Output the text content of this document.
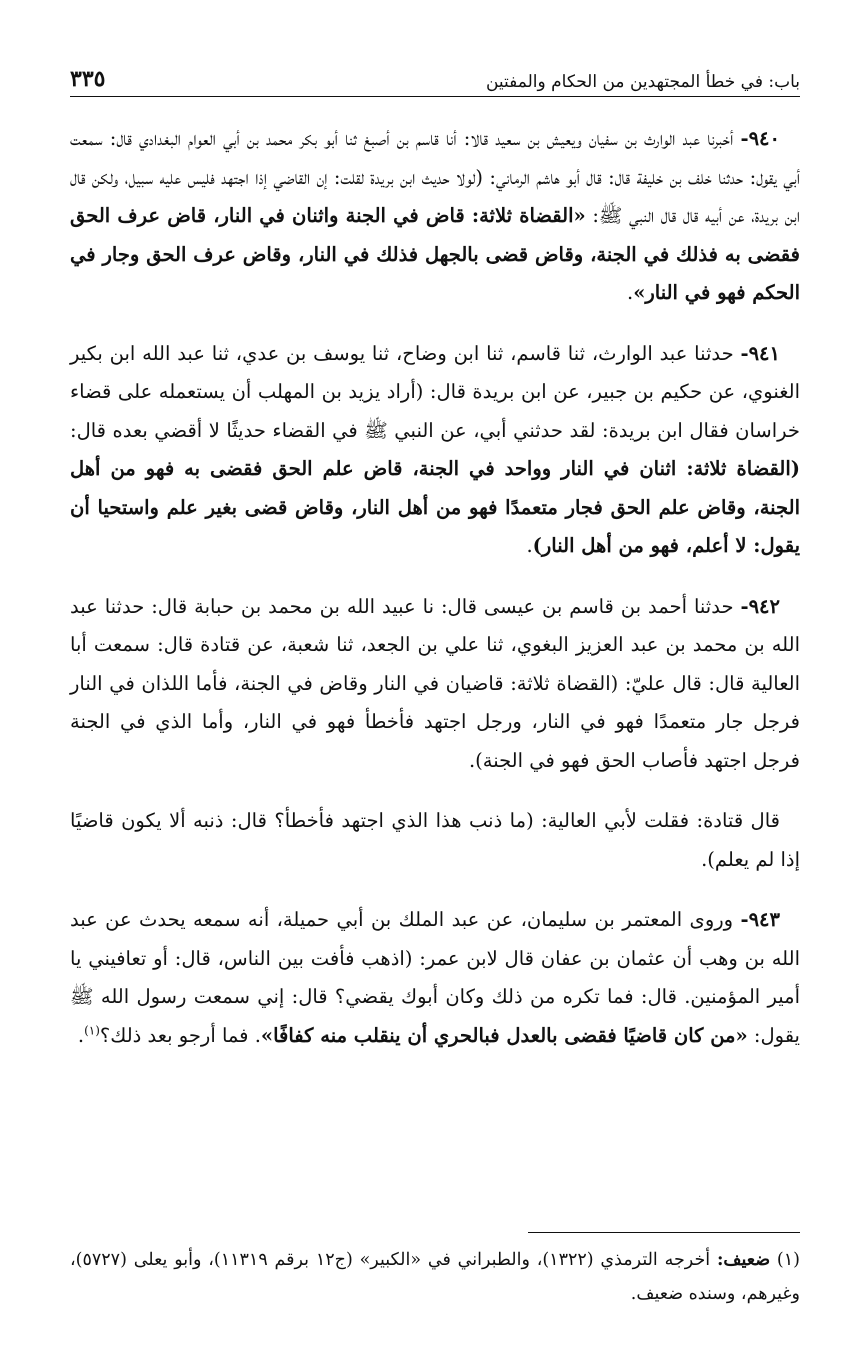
باب: في خطأ المجتهدين من الحكام والمفتين
٣٣٥

٩٤٠- أخبرنا عبد الوارث بن سفيان ويعيش بن سعيد قالا: أنا قاسم بن أصبغ ثنا أبو بكر محمد بن أبي العوام البغدادي قال: سمعت أبي يقول: حدثنا خلف بن خليفة قال: قال أبو هاشم الرماني: (لولا حديث ابن بريدة لقلت: إن القاضي إذا اجتهد فليس عليه سبيل، ولكن قال ابن بريدة، عن أبيه قال قال النبي ﷺ: «القضاة ثلاثة: قاض في الجنة واثنان في النار، قاض عرف الحق فقضى به فذلك في الجنة، وقاض قضى بالجهل فذلك في النار، وقاض عرف الحق وجار في الحكم فهو في النار».

٩٤١- حدثنا عبد الوارث، ثنا قاسم، ثنا ابن وضاح، ثنا يوسف بن عدي، ثنا عبد الله ابن بكير الغنوي، عن حكيم بن جبير، عن ابن بريدة قال: (أراد يزيد بن المهلب أن يستعمله على قضاء خراسان فقال ابن بريدة: لقد حدثني أبي، عن النبي ﷺ في القضاء حديثًا لا أقضي بعده قال: (القضاة ثلاثة: اثنان في النار وواحد في الجنة، قاض علم الحق فقضى به فهو من أهل الجنة، وقاض علم الحق فجار متعمدًا فهو من أهل النار، وقاض قضى بغير علم واستحيا أن يقول: لا أعلم، فهو من أهل النار).

٩٤٢- حدثنا أحمد بن قاسم بن عيسى قال: نا عبيد الله بن محمد بن حبابة قال: حدثنا عبد الله بن محمد بن عبد العزيز البغوي، ثنا علي بن الجعد، ثنا شعبة، عن قتادة قال: سمعت أبا العالية قال: قال عليّ: (القضاة ثلاثة: قاضيان في النار وقاض في الجنة، فأما اللذان في النار فرجل جار متعمدًا فهو في النار، ورجل اجتهد فأخطأ فهو في النار، وأما الذي في الجنة فرجل اجتهد فأصاب الحق فهو في الجنة).

قال قتادة: فقلت لأبي العالية: (ما ذنب هذا الذي اجتهد فأخطأ؟ قال: ذنبه ألا يكون قاضيًا إذا لم يعلم).

٩٤٣- وروى المعتمر بن سليمان، عن عبد الملك بن أبي حميلة، أنه سمعه يحدث عن عبد الله بن وهب أن عثمان بن عفان قال لابن عمر: (اذهب فأفت بين الناس، قال: أو تعافيني يا أمير المؤمنين. قال: فما تكره من ذلك وكان أبوك يقضي؟ قال: إني سمعت رسول الله ﷺ يقول: «من كان قاضيًا فقضى بالعدل فبالحري أن ينقلب منه كفافًا». فما أرجو بعد ذلك؟$^{(١)}$.

(١) ضعيف: أخرجه الترمذي (١٣٢٢)، والطبراني في «الكبير» (ج١٢ برقم ١١٣١٩)، وأبو يعلى (٥٧٢٧)، وغيرهم، وسنده ضعيف.
